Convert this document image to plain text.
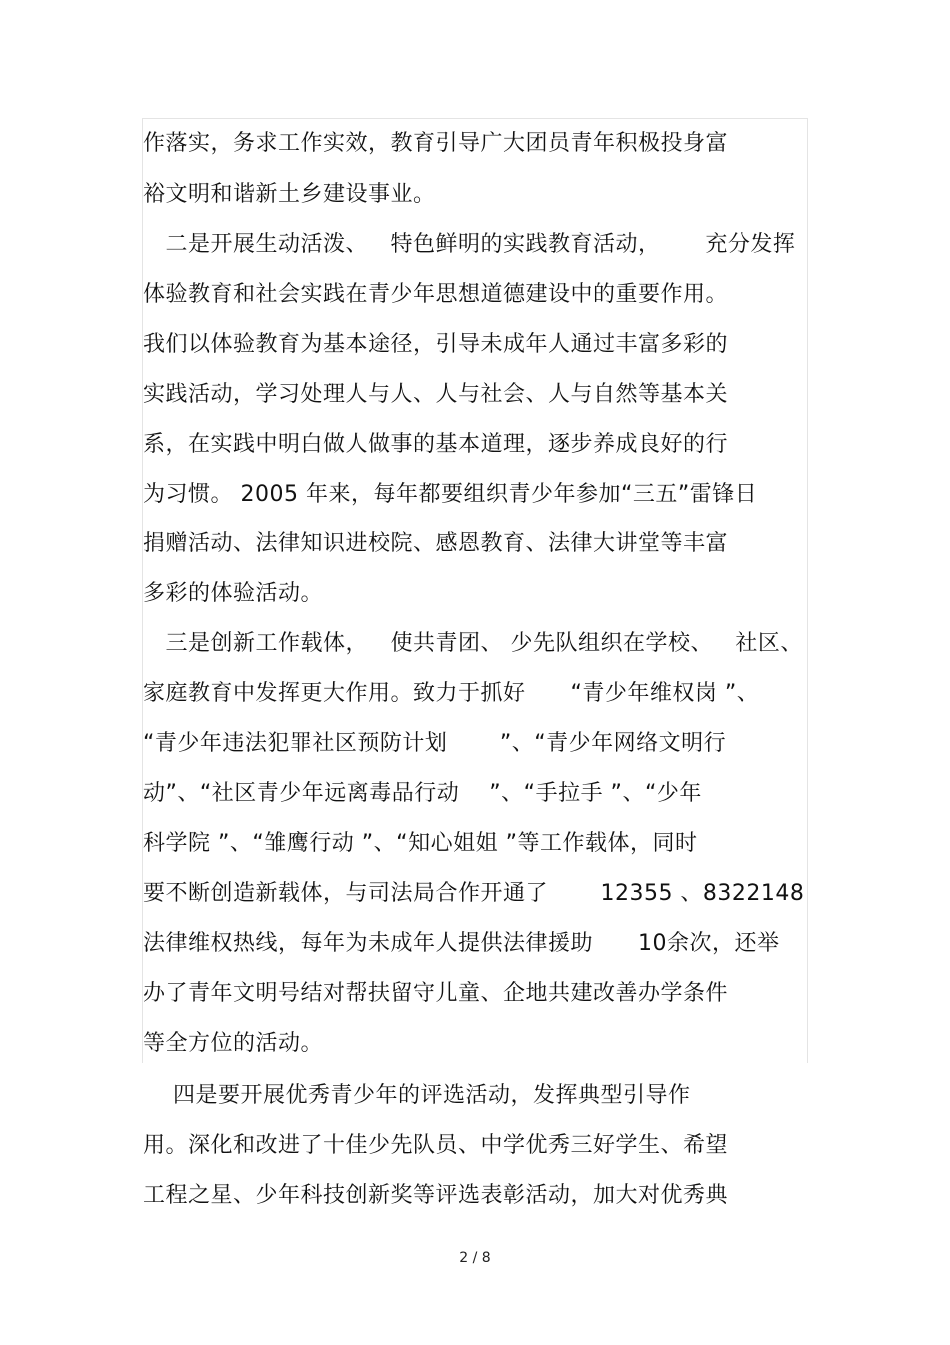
作落实，务求工作实效，教育引导广大团员青年积极投身富
裕文明和谐新土乡建设事业。
二是开展生动活泼、   特色鲜明的实践教育活动，      充分发挥
体验教育和社会实践在青少年思想道德建设中的重要作用。
我们以体验教育为基本途径，引导未成年人通过丰富多彩的
实践活动，学习处理人与人、人与社会、人与自然等基本关
系，在实践中明白做人做事的基本道理，逐步养成良好的行
为习惯。 2005 年来，每年都要组织青少年参加“三五”雷锋日
捐赠活动、法律知识进校院、感恩教育、法律大讲堂等丰富
多彩的体验活动。
三是创新工作载体，   使共青团、 少先队组织在学校、   社区、
家庭教育中发挥更大作用。致力于抓好      “青少年维权岗 ”、
“青少年违法犯罪社区预防计划       ”、“青少年网络文明行
动”、“社区青少年远离毒品行动    ”、“手拉手 ”、“少年
科学院 ”、“雏鹰行动 ”、“知心姐姐 ”等工作载体，同时
要不断创造新载体，与司法局合作开通了       12355 、8322148
法律维权热线，每年为未成年人提供法律援助      10余次，还举
办了青年文明号结对帮扶留守儿童、企地共建改善办学条件
等全方位的活动。
四是要开展优秀青少年的评选活动，发挥典型引导作
用。深化和改进了十佳少先队员、中学优秀三好学生、希望
工程之星、少年科技创新奖等评选表彰活动，加大对优秀典
2 / 8
